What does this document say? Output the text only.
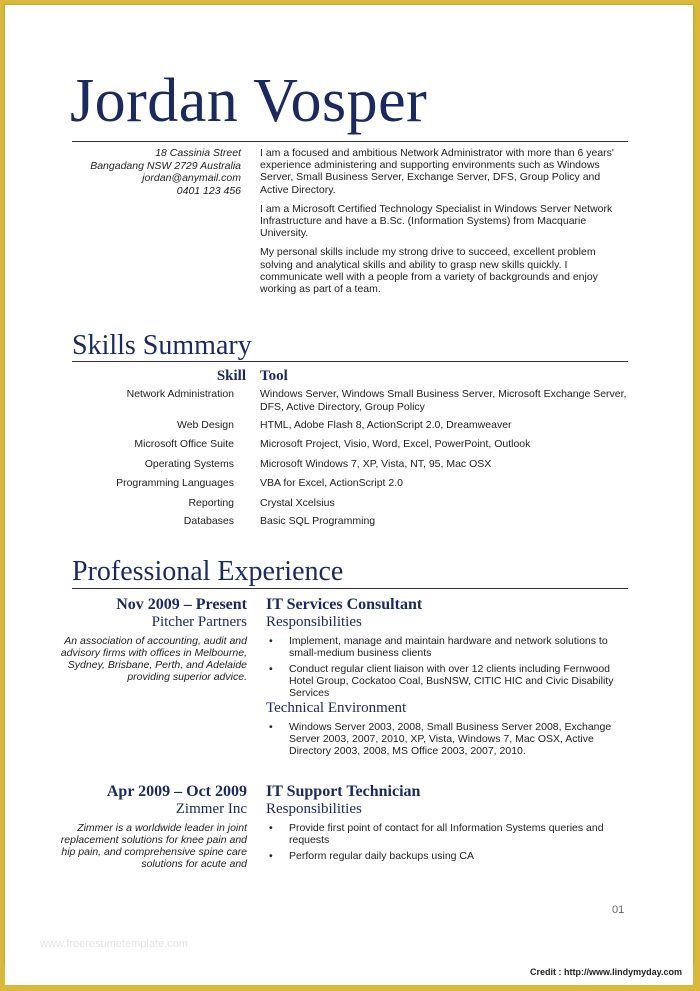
Jordan Vosper
18 Cassinia Street
Bangadang NSW 2729 Australia
jordan@anymail.com
0401 123 456

I am a focused and ambitious Network Administrator with more than 6 years' experience administering and supporting environments such as Windows Server, Small Business Server, Exchange Server, DFS, Group Policy and Active Directory.

I am a Microsoft Certified Technology Specialist in Windows Server Network Infrastructure and have a B.Sc. (Information Systems) from Macquarie University.

My personal skills include my strong drive to succeed, excellent problem solving and analytical skills and ability to grasp new skills quickly. I communicate well with a people from a variety of backgrounds and enjoy working as part of a team.

Skills Summary
Skill Tool
Network Administration Windows Server, Windows Small Business Server, Microsoft Exchange Server, DFS, Active Directory, Group Policy
Web Design HTML, Adobe Flash 8, ActionScript 2.0, Dreamweaver
Microsoft Office Suite Microsoft Project, Visio, Word, Excel, PowerPoint, Outlook
Operating Systems Microsoft Windows 7, XP, Vista, NT, 95, Mac OSX
Programming Languages VBA for Excel, ActionScript 2.0
Reporting Crystal Xcelsius
Databases Basic SQL Programming
Professional Experience
Nov 2009 – Present
Pitcher Partners
An association of accounting, audit and advisory firms with offices in Melbourne, Sydney, Brisbane, Perth, and Adelaide providing superior advice.
IT Services Consultant
Responsibilities
• Implement, manage and maintain hardware and network solutions to small-medium business clients
• Conduct regular client liaison with over 12 clients including Fernwood Hotel Group, Cockatoo Coal, BusNSW, CITIC HIC and Civic Disability Services
Technical Environment
• Windows Server 2003, 2008, Small Business Server 2008, Exchange Server 2003, 2007, 2010, XP, Vista, Windows 7, Mac OSX, Active Directory 2003, 2008, MS Office 2003, 2007, 2010.
Apr 2009 – Oct 2009
Zimmer Inc
Zimmer is a worldwide leader in joint replacement solutions for knee pain and hip pain, and comprehensive spine care solutions for acute and
IT Support Technician
Responsibilities
• Provide first point of contact for all Information Systems queries and requests
• Perform regular daily backups using CA
01
www.freeresumetemplate.com
Credit : http://www.lindymyday.com
